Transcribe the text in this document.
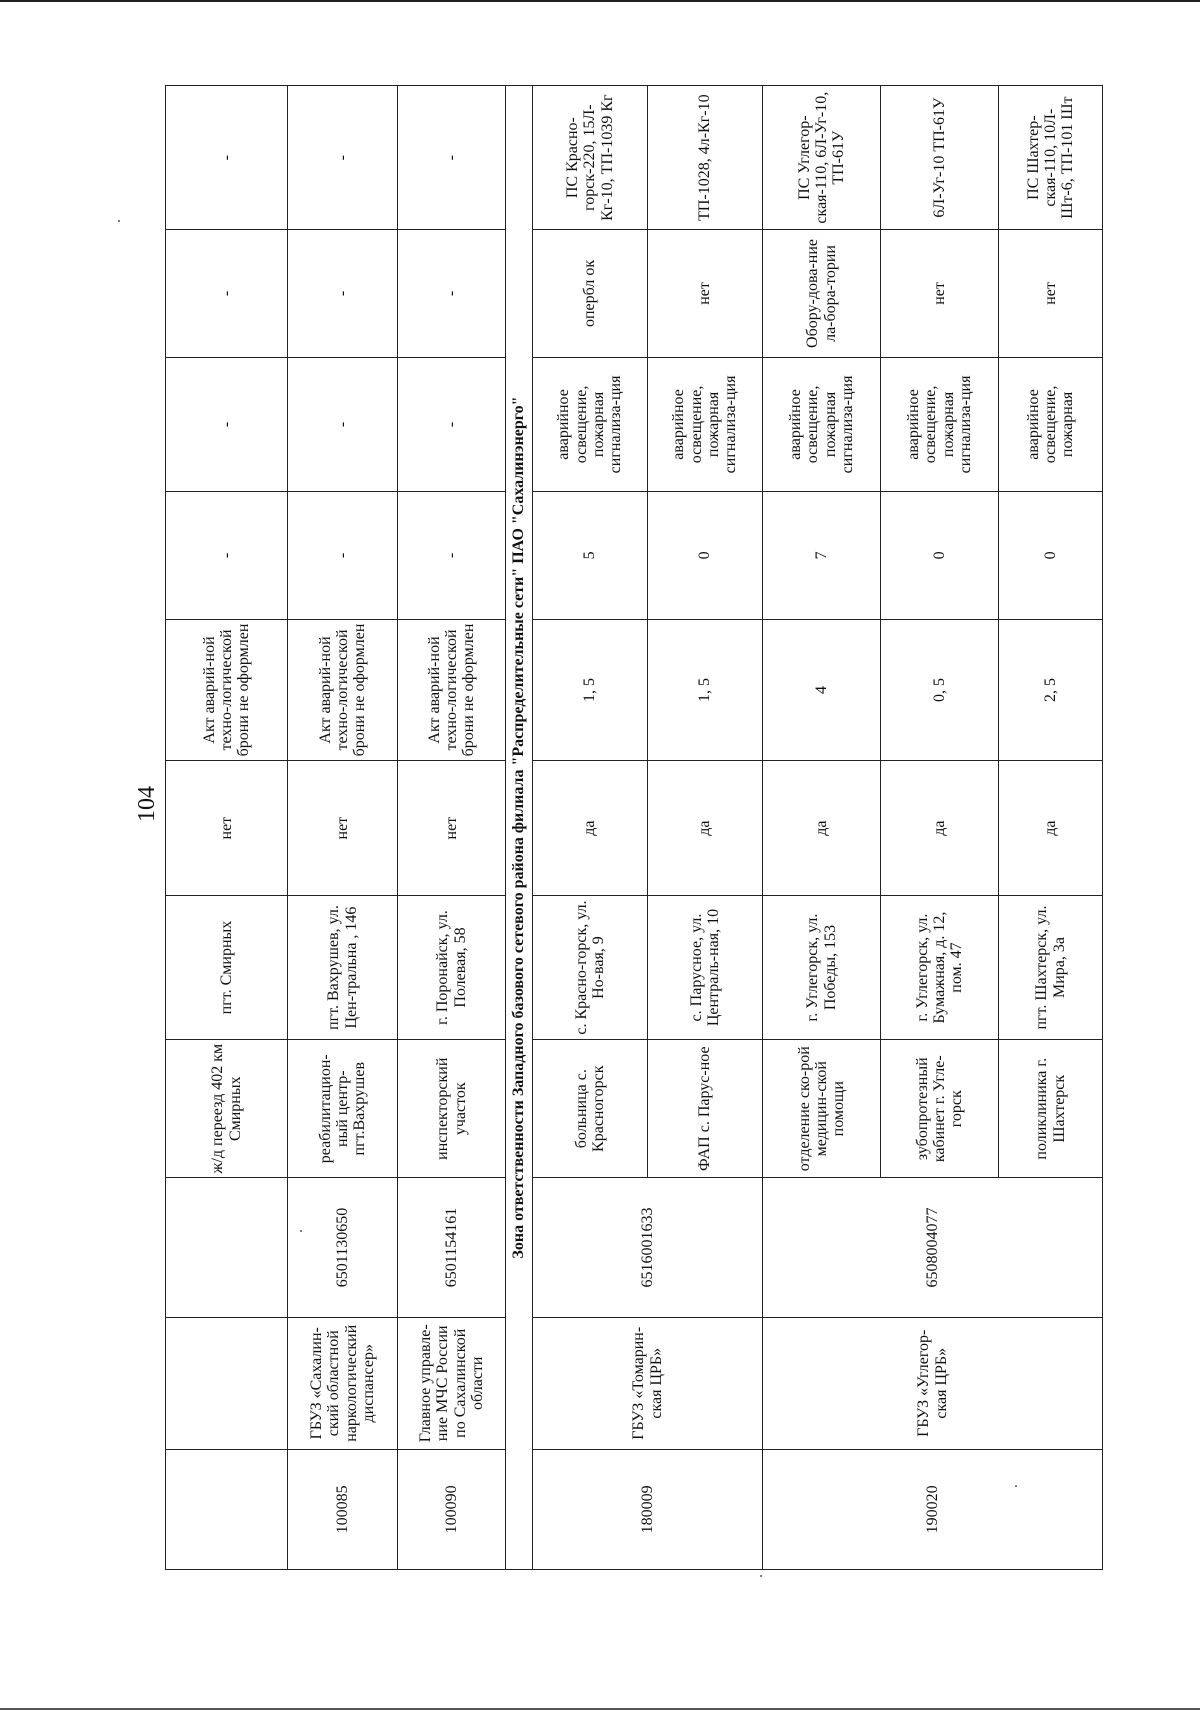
104
			ж/д переезд 402 км Смирных	пгт. Смирных	нет	Акт аварий-ной техно-логической брони не оформлен	-	-	-	-
100085	ГБУЗ «Сахалин-ский областной наркологический диспансер»	6501130650	реабилитацион-ный центр-пгт.Вахрушев	пгт. Вахрушев, ул. Цен-тральна , 146	нет	Акт аварий-ной техно-логической брони не оформлен	-	-	-	-
100090	Главное управле-ние МЧС России по Сахалинской области	6501154161	инспекторский участок	г. Поронайск, ул. Полевая, 58	нет	Акт аварий-ной техно-логической брони не оформлен	-	-	-	-
Зона ответственности Западного базового сетевого района филиала "Распределительные сети" ПАО "Сахалинэнерго"										
180009	ГБУЗ «Томарин-ская ЦРБ»	6516001633	больница с. Красногорск	с. Красно-горск, ул. Но-вая, 9	да	1, 5	5	аварийное освещение, пожарная сигнализа-ция	опербл ок	ПС Красно-горск-220, 15Л-Кг-10, ТП-1039 Кг
			ФАП с. Парус-ное	с. Парусное, ул. Централь-ная, 10	да	1, 5	0	аварийное освещение, пожарная сигнализа-ция	нет	ТП-1028, 4л-Кг-10
190020	ГБУЗ «Углегор-ская ЦРБ»	6508004077	отделение ско-рой медицин-ской помощи	г. Углегорск, ул. Победы, 153	да	4	7	аварийное освещение, пожарная сигнализа-ция	Обору-дова-ние ла-бора-тории	ПС Углегор-ская-110, 6Л-Уг-10, ТП-61У
			зубопротезный кабинет г. Угле-горск	г. Углегорск, ул. Бумажная, д. 12, пом. 47	да	0, 5	0	аварийное освещение, пожарная сигнализа-ция	нет	6Л-Уг-10 ТП-61У
			поликлиника г. Шахтерск	пгт. Шахтерск, ул. Мира, 3а	да	2, 5	0	аварийное освещение, пожарная	нет	ПС Шахтер-ская-110, 10Л-Шт-6, ТП-101 Шт
